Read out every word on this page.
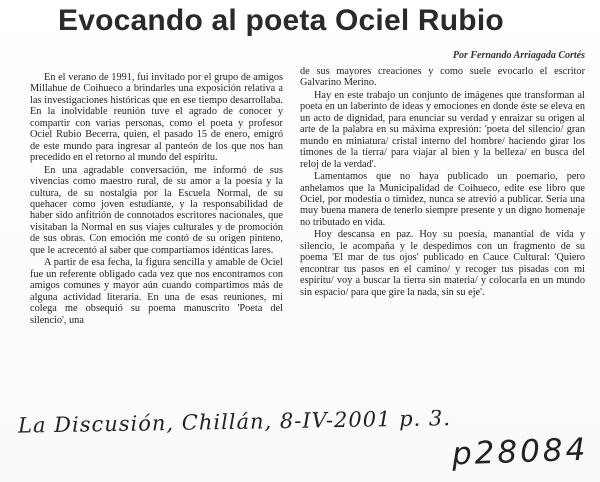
Evocando al poeta Ociel Rubio
Por Fernando Arriagada Cortés

En el verano de 1991, fui invitado por el grupo de amigos Millahue de Coihueco a brindarles una exposición relativa a las investigaciones históricas que en ese tiempo desarrollaba. En la inolvidable reunión tuve el agrado de conocer y compartir con varias personas, como el poeta y profesor Ociel Rubio Becerra, quien, el pasado 15 de enero, emigró de este mundo para ingresar al panteón de los que nos han precedido en el retorno al mundo del espíritu.

En una agradable conversación, me informó de sus vivencias como maestro rural, de su amor a la poesía y la cultura, de su nostalgia por la Escuela Normal, de su quehacer como joven estudiante, y la responsabilidad de haber sido anfitrión de connotados escritores nacionales, que visitaban la Normal en sus viajes culturales y de promoción de sus obras. Con emoción me contó de su origen pinteno, que le acrecentó al saber que compartíamos idénticas lares.

A partir de esa fecha, la figura sencilla y amable de Ociel fue un referente obligado cada vez que nos encontramos con amigos comunes y mayor aún cuando compartimos más de alguna actividad literaria. En una de esas reuniones, mi colega me obsequió su poema manuscrito 'Poeta del silencio', una

de sus mayores creaciones y como suele evocarlo el escritor Galvarino Merino.

Hay en este trabajo un conjunto de imágenes que transforman al poeta en un laberinto de ideas y emociones en donde éste se eleva en un acto de dignidad, para enunciar su verdad y enraizar su origen al arte de la palabra en su máxima expresión: 'poeta del silencio/ gran mundo en miniatura/ cristal interno del hombre/ haciendo girar los timones de la tierra/ para viajar al bien y la belleza/ en busca del reloj de la verdad'.

Lamentamos que no haya publicado un poemario, pero anhelamos que la Municipalidad de Coihueco, edite ese libro que Ociel, por modestia o timidez, nunca se atrevió a publicar. Sería una muy buena manera de tenerlo siempre presente y un digno homenaje no tributado en vida.

Hoy descansa en paz. Hoy su poesía, manantial de vida y silencio, le acompaña y le despedimos con un fragmento de su poema 'El mar de tus ojos' publicado en Cauce Cultural: 'Quiero encontrar tus pasos en el camino/ y recoger tus pisadas con mi espíritu/ voy a buscar la tierra sin materia/ y colocarla en un mundo sin espacio/ para que gire la nada, sin su eje'.

La Discusión, Chillán, 8-IV-2001 p. 3.
p28084
